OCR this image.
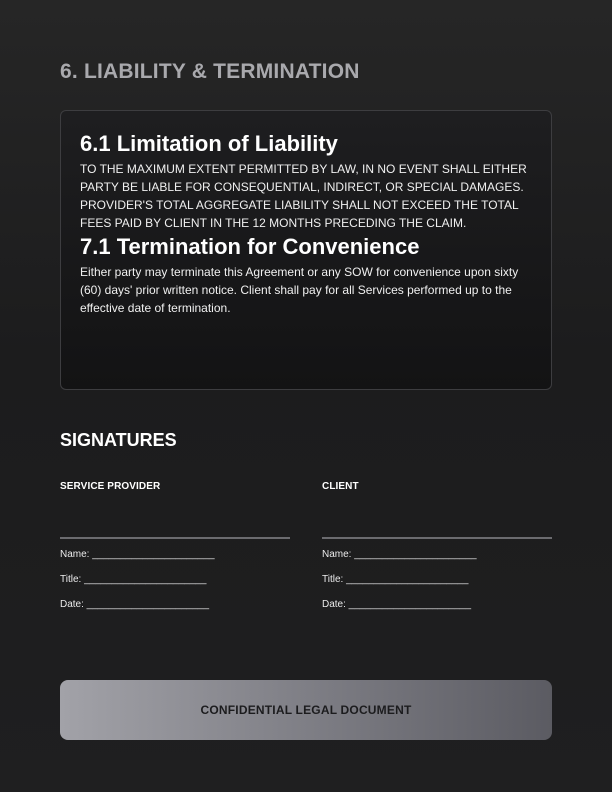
6. LIABILITY & TERMINATION
6.1 Limitation of Liability
TO THE MAXIMUM EXTENT PERMITTED BY LAW, IN NO EVENT SHALL EITHER PARTY BE LIABLE FOR CONSEQUENTIAL, INDIRECT, OR SPECIAL DAMAGES. PROVIDER'S TOTAL AGGREGATE LIABILITY SHALL NOT EXCEED THE TOTAL FEES PAID BY CLIENT IN THE 12 MONTHS PRECEDING THE CLAIM.
7.1 Termination for Convenience
Either party may terminate this Agreement or any SOW for convenience upon sixty (60) days' prior written notice. Client shall pay for all Services performed up to the effective date of termination.
SIGNATURES
SERVICE PROVIDER
Name: ______________________
Title: ______________________
Date: ______________________
CLIENT
Name: ______________________
Title: ______________________
Date: ______________________
CONFIDENTIAL LEGAL DOCUMENT
